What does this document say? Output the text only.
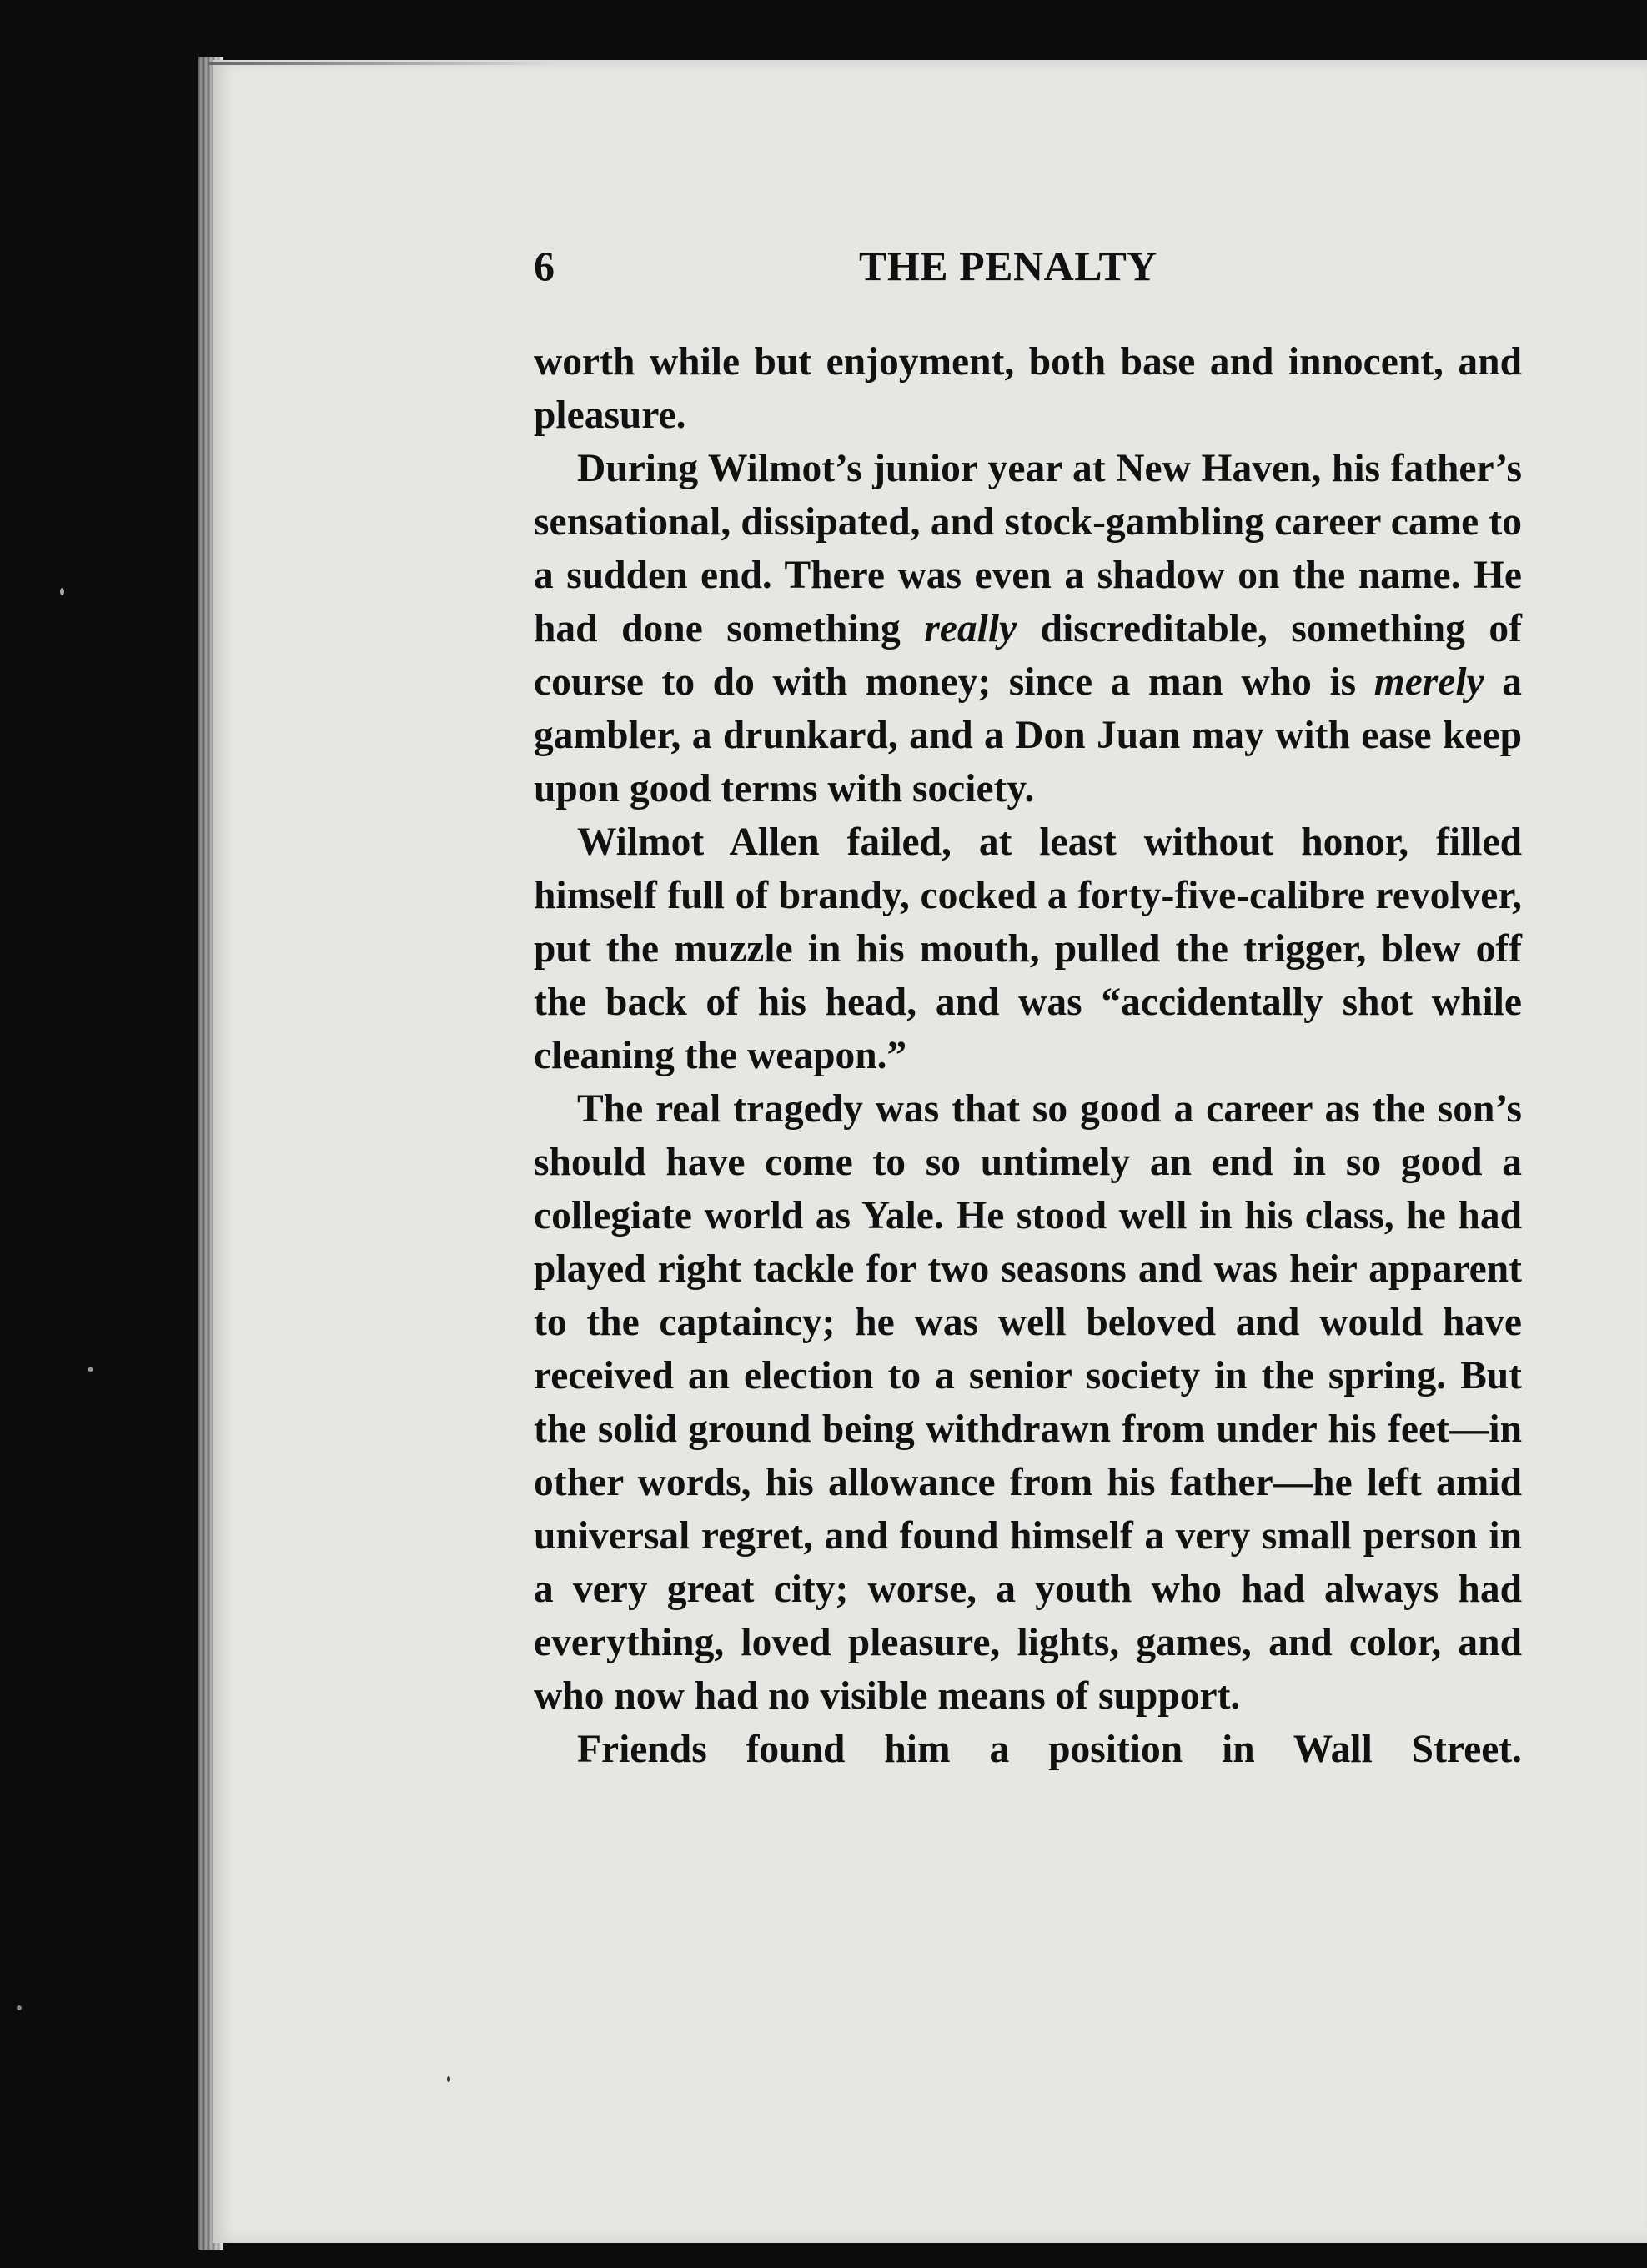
6	THE PENALTY

worth while but enjoyment, both base and innocent, and pleasure.

During Wilmot’s junior year at New Haven, his father’s sensational, dissipated, and stock-gambling career came to a sudden end. There was even a shadow on the name. He had done something really discreditable, something of course to do with money; since a man who is merely a gambler, a drunkard, and a Don Juan may with ease keep upon good terms with society.

Wilmot Allen failed, at least without honor, filled himself full of brandy, cocked a forty-five-calibre revolver, put the muzzle in his mouth, pulled the trigger, blew off the back of his head, and was “accidentally shot while cleaning the weapon.”

The real tragedy was that so good a career as the son’s should have come to so untimely an end in so good a collegiate world as Yale. He stood well in his class, he had played right tackle for two seasons and was heir apparent to the captaincy; he was well beloved and would have received an election to a senior society in the spring. But the solid ground being withdrawn from under his feet—in other words, his allowance from his father—he left amid universal regret, and found himself a very small person in a very great city; worse, a youth who had always had everything, loved pleasure, lights, games, and color, and who now had no visible means of support.

Friends found him a position in Wall Street.
